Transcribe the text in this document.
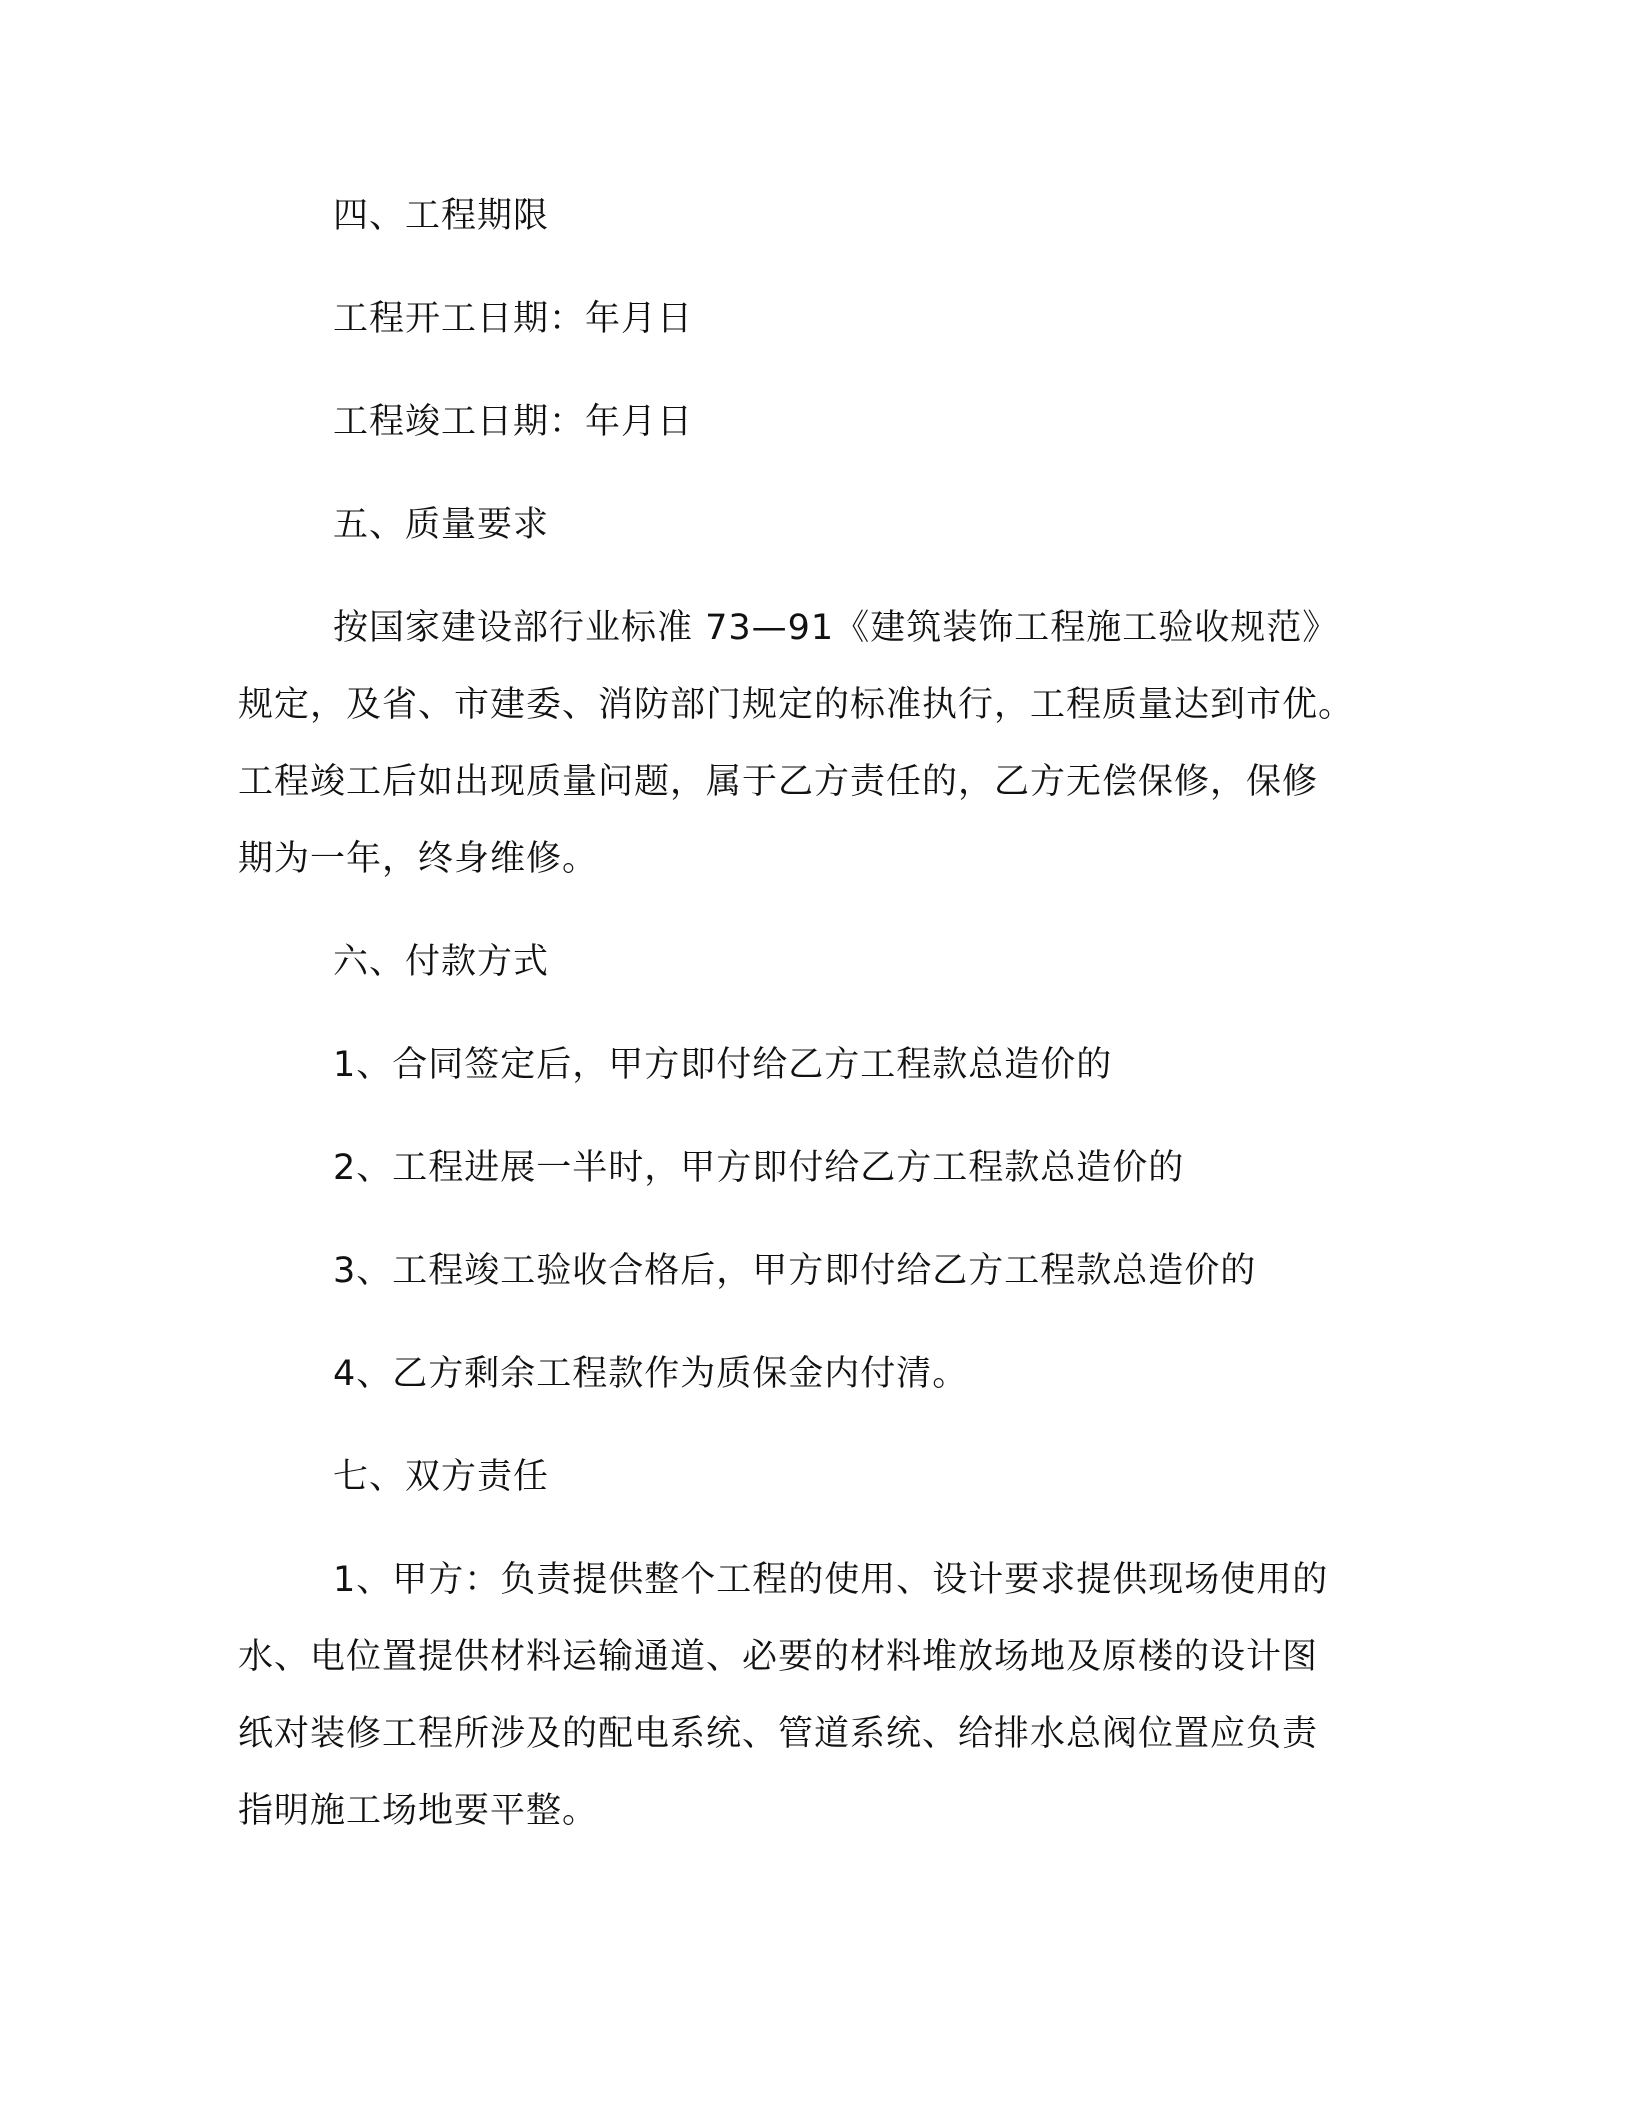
四、工程期限
工程开工日期：年月日
工程竣工日期：年月日
五、质量要求
按国家建设部行业标准 73—91《建筑装饰工程施工验收规范》
规定，及省、市建委、消防部门规定的标准执行，工程质量达到市优。
工程竣工后如出现质量问题，属于乙方责任的，乙方无偿保修，保修
期为一年，终身维修。
六、付款方式
1、合同签定后，甲方即付给乙方工程款总造价的
2、工程进展一半时，甲方即付给乙方工程款总造价的
3、工程竣工验收合格后，甲方即付给乙方工程款总造价的
4、乙方剩余工程款作为质保金内付清。
七、双方责任
1、甲方：负责提供整个工程的使用、设计要求提供现场使用的
水、电位置提供材料运输通道、必要的材料堆放场地及原楼的设计图
纸对装修工程所涉及的配电系统、管道系统、给排水总阀位置应负责
指明施工场地要平整。
